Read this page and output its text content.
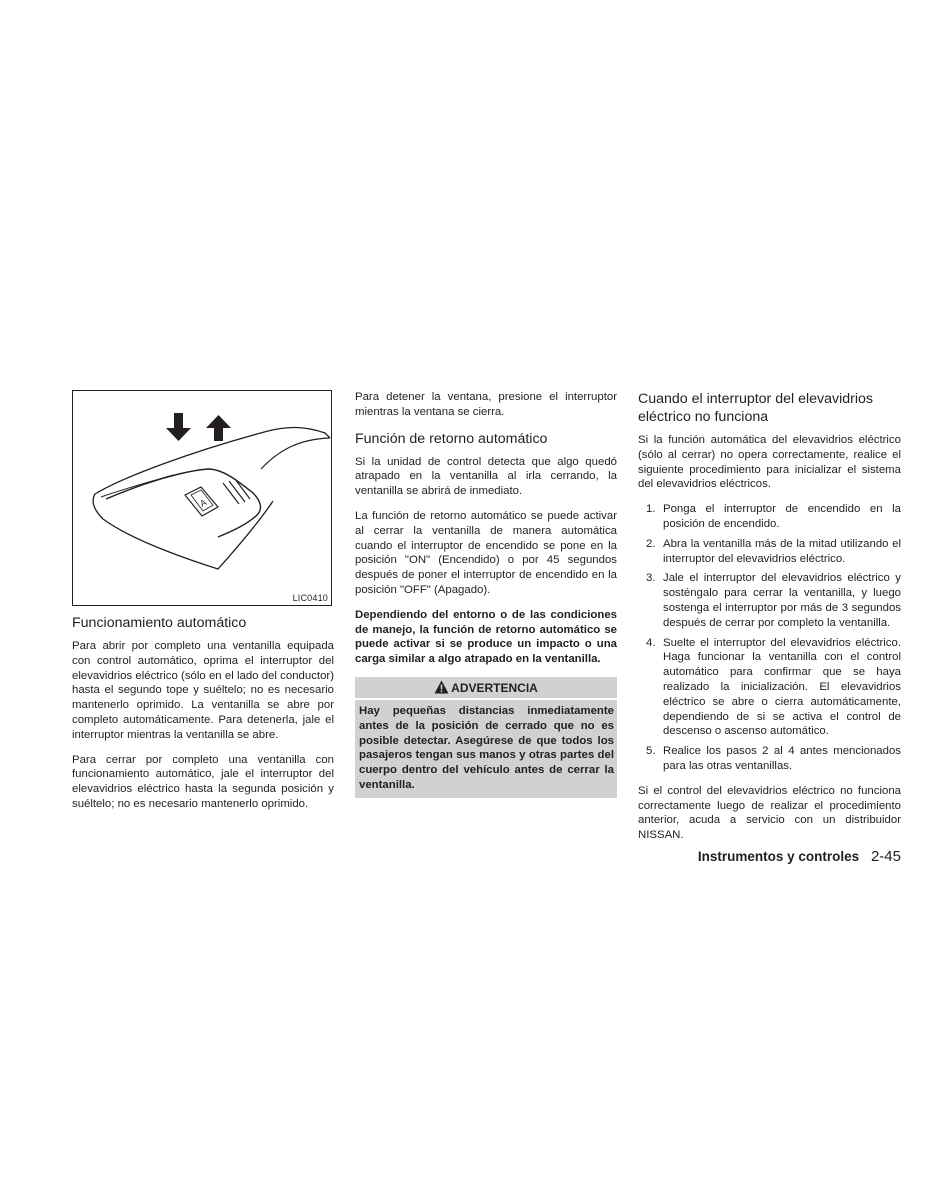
A
LIC0410
Funcionamiento automático

Para abrir por completo una ventanilla equipada con control automático, oprima el interruptor del elevavidrios eléctrico (sólo en el lado del conductor) hasta el segundo tope y suéltelo; no es necesario mantenerlo oprimido. La ventanilla se abre por completo automáticamente. Para detenerla, jale el interruptor mientras la ventanilla se abre.

Para cerrar por completo una ventanilla con funcionamiento automático, jale el interruptor del elevavidrios eléctrico hasta la segunda posición y suéltelo; no es necesario mantenerlo oprimido.

Para detener la ventana, presione el interruptor mientras la ventana se cierra.

Función de retorno automático

Si la unidad de control detecta que algo quedó atrapado en la ventanilla al irla cerrando, la ventanilla se abrirá de inmediato.

La función de retorno automático se puede activar al cerrar la ventanilla de manera automática cuando el interruptor de encendido se pone en la posición "ON" (Encendido) o por 45 segundos después de poner el interruptor de encendido en la posición "OFF" (Apagado).

Dependiendo del entorno o de las condiciones de manejo, la función de retorno automático se puede activar si se produce un impacto o una carga similar a algo atrapado en la ventanilla.

ADVERTENCIA
Hay pequeñas distancias inmediatamente antes de la posición de cerrado que no es posible detectar. Asegúrese de que todos los pasajeros tengan sus manos y otras partes del cuerpo dentro del vehículo antes de cerrar la ventanilla.
Cuando el interruptor del elevavidrios eléctrico no funciona

Si la función automática del elevavidrios eléctrico (sólo al cerrar) no opera correctamente, realice el siguiente procedimiento para inicializar el sistema del elevavidrios eléctricos.

1. Ponga el interruptor de encendido en la posición de encendido.
2. Abra la ventanilla más de la mitad utilizando el interruptor del elevavidrios eléctrico.
3. Jale el interruptor del elevavidrios eléctrico y sosténgalo para cerrar la ventanilla, y luego sostenga el interruptor por más de 3 segundos después de cerrar por completo la ventanilla.
4. Suelte el interruptor del elevavidrios eléctrico. Haga funcionar la ventanilla con el control automático para confirmar que se haya realizado la inicialización. El elevavidrios eléctrico se abre o cierra automáticamente, dependiendo de si se activa el control de descenso o ascenso automático.
5. Realice los pasos 2 al 4 antes mencionados para las otras ventanillas.

Si el control del elevavidrios eléctrico no funciona correctamente luego de realizar el procedimiento anterior, acuda a servicio con un distribuidor NISSAN.

Instrumentos y controles 2-45
